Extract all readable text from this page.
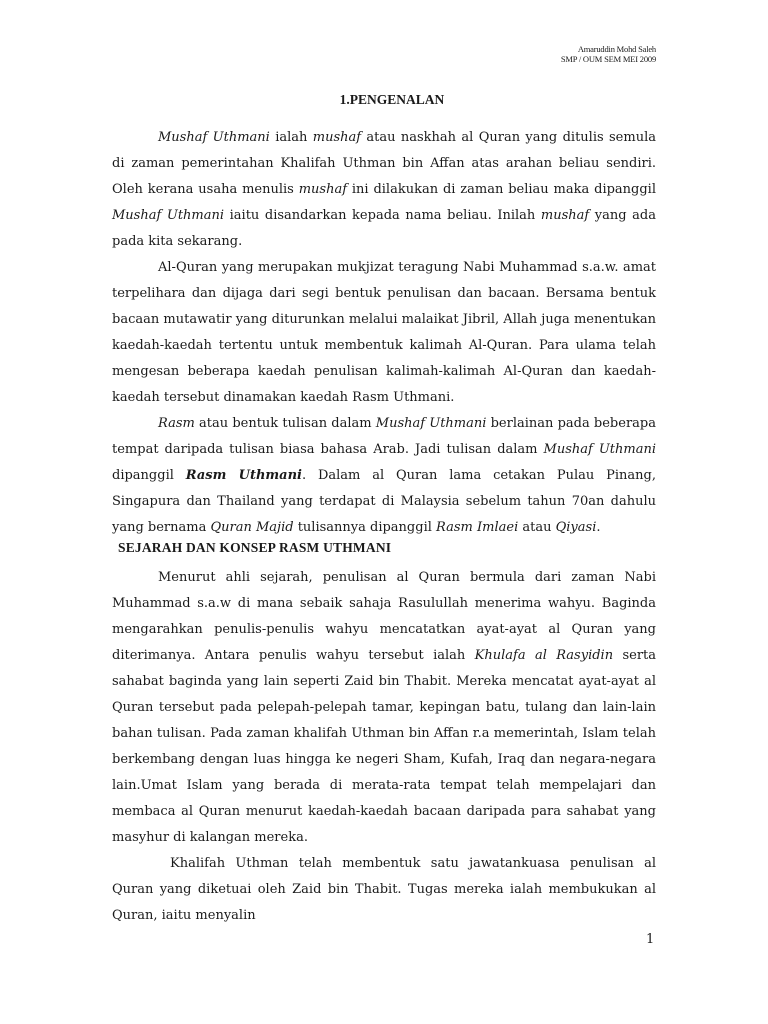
Amaruddin Mohd Saleh
SMP / OUM SEM MEI 2009
1.PENGENALAN

Mushaf Uthmani ialah mushaf atau naskhah al Quran yang ditulis semula di zaman pemerintahan Khalifah Uthman bin Affan atas arahan beliau sendiri. Oleh kerana usaha menulis mushaf ini dilakukan di zaman beliau maka dipanggil Mushaf Uthmani iaitu disandarkan kepada nama beliau. Inilah mushaf yang ada pada kita sekarang.

Al-Quran yang merupakan mukjizat teragung Nabi Muhammad s.a.w. amat terpelihara dan dijaga dari segi bentuk penulisan dan bacaan. Bersama bentuk bacaan mutawatir yang diturunkan melalui malaikat Jibril, Allah juga menentukan kaedah-kaedah tertentu untuk membentuk kalimah Al-Quran. Para ulama telah mengesan beberapa kaedah penulisan kalimah-kalimah Al-Quran dan kaedah-kaedah tersebut dinamakan kaedah Rasm Uthmani.

Rasm atau bentuk tulisan dalam Mushaf Uthmani berlainan pada beberapa tempat daripada tulisan biasa bahasa Arab. Jadi tulisan dalam Mushaf Uthmani dipanggil Rasm Uthmani. Dalam al Quran lama cetakan Pulau Pinang, Singapura dan Thailand yang terdapat di Malaysia sebelum tahun 70an dahulu yang bernama Quran Majid tulisannya dipanggil Rasm Imlaei atau Qiyasi.

SEJARAH DAN KONSEP RASM UTHMANI

Menurut ahli sejarah, penulisan al Quran bermula dari zaman Nabi Muhammad s.a.w di mana sebaik sahaja Rasulullah menerima wahyu. Baginda mengarahkan penulis-penulis wahyu mencatatkan ayat-ayat al Quran yang diterimanya. Antara penulis wahyu tersebut ialah Khulafa al Rasyidin serta sahabat baginda yang lain seperti Zaid bin Thabit. Mereka mencatat ayat-ayat al Quran tersebut pada pelepah-pelepah tamar, kepingan batu, tulang dan lain-lain bahan tulisan. Pada zaman khalifah Uthman bin Affan r.a memerintah, Islam telah berkembang dengan luas hingga ke negeri Sham, Kufah, Iraq dan negara-negara lain.Umat Islam yang berada di merata-rata tempat telah mempelajari dan membaca al Quran menurut kaedah-kaedah bacaan daripada para sahabat yang masyhur di kalangan mereka.

Khalifah Uthman telah membentuk satu jawatankuasa penulisan al Quran yang diketuai oleh Zaid bin Thabit. Tugas mereka ialah membukukan al Quran, iaitu menyalin

1
